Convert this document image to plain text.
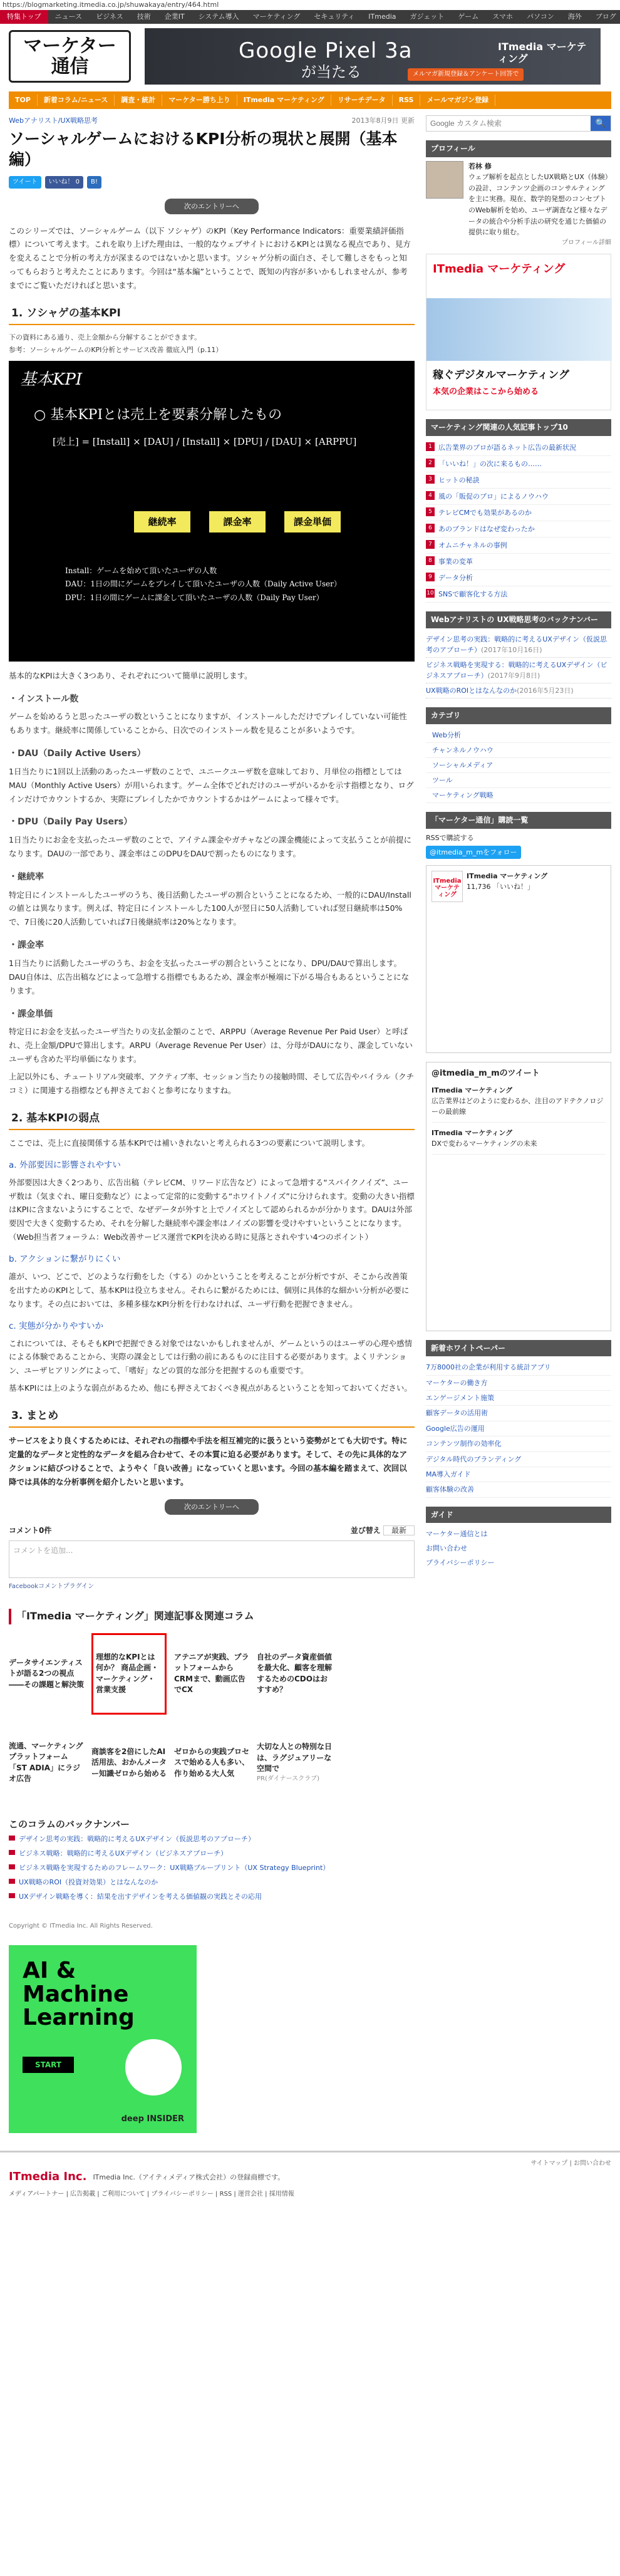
https://blogmarketing.itmedia.co.jp/shuwakaya/entry/464.html
特集トップ	ニュース	ビジネス	技術	企業IT	システム導入	マーケティング	セキュリティ	ITmedia	ガジェット	ゲーム	スマホ	パソコン	海外	ブログ
マーケター
通信
Google Pixel 3a
が当たる	メルマガ新規登録＆アンケート回答で
ITmedia マーケティング
TOP	新着コラム/ニュース	調査・統計	マーケター勝ち上り	ITmedia マーケティング	リサーチデータ	RSS	メールマガジン登録
Webアナリスト/UX戦略思考	2013年8月9日 更新
ソーシャルゲームにおけるKPI分析の現状と展開（基本編）
ツイート	いいね！ 0	B!
次のエントリーへ

このシリーズでは、ソーシャルゲーム（以下 ソシャゲ）のKPI（Key Performance Indicators：重要業績評価指標）について考えます。これを取り上げた理由は、一般的なウェブサイトにおけるKPIとは異なる視点であり、見方を変えることで分析の考え方が深まるのではないかと思います。ソシャゲ分析の面白さ、そして難しさをもっと知ってもらおうと考えたことにあります。今回は“基本編”ということで、既知の内容が多いかもしれませんが、参考までにご覧いただければと思います。

1. ソシャゲの基本KPI

下の資料にある通り、売上金額から分解することができます。

参考：ソーシャルゲームのKPI分析とサービス改善 徹底入門（p.11）

基本KPI
○ 基本KPIとは売上を要素分解したもの
[売上] = [Install] × [DAU] / [Install] × [DPU] / [DAU] × [ARPPU]
継続率	課金率	課金単価
Install：ゲームを始めて頂いたユーザの人数
DAU：1日の間にゲームをプレイして頂いたユーザの人数（Daily Active User）
DPU：1日の間にゲームに課金して頂いたユーザの人数（Daily Pay User）

基本的なKPIは大きく3つあり、それぞれについて簡単に説明します。

・インストール数

ゲームを始めるうと思ったユーザの数ということになりますが、インストールしただけでプレイしていない可能性もあります。継続率に関係していることから、日次でのインストール数を見ることが多いようです。

・DAU（Daily Active Users）

1日当たりに1回以上活動のあったユーザ数のことで、ユニークユーザ数を意味しており、月単位の指標としてはMAU（Monthly Active Users）が用いられます。ゲーム全体でどれだけのユーザがいるかを示す指標となり、ログインだけでカウントするか、実際にプレイしたかでカウントするかはゲームによって様々です。

・DPU（Daily Pay Users）

1日当たりにお金を支払ったユーザ数のことで、アイテム課金やガチャなどの課金機能によって支払うことが前提になります。DAUの一部であり、課金率はこのDPUをDAUで割ったものになります。

・継続率

特定日にインストールしたユーザのうち、後日活動したユーザの割合ということになるため、一般的にDAU/Installの値とは異なります。例えば、特定日にインストールした100人が翌日に50人活動していれば翌日継続率は50%で、7日後に20人活動していれば7日後継続率は20%となります。

・課金率

1日当たりに活動したユーザのうち、お金を支払ったユーザの割合ということになり、DPU/DAUで算出します。DAU自体は、広告出稿などによって急増する指標でもあるため、課金率が極端に下がる場合もあるということになります。

・課金単価

特定日にお金を支払ったユーザ当たりの支払金額のことで、ARPPU（Average Revenue Per Paid User）と呼ばれ、売上金額/DPUで算出します。ARPU（Average Revenue Per User）は、分母がDAUになり、課金していないユーザも含めた平均単価になります。

上記以外にも、チュートリアル突破率、アクティブ率、セッション当たりの接触時間、そして広告やバイラル（クチコミ）に関連する指標なども押さえておくと参考になりますね。

2. 基本KPIの弱点

ここでは、売上に直接関係する基本KPIでは補いきれないと考えられる3つの要素について説明します。

a. 外部要因に影響されやすい

外部要因は大きく2つあり、広告出稿（テレビCM、リワード広告など）によって急増する“スパイクノイズ”、ユーザ数は（気まぐれ、曜日変動など）によって定常的に変動する“ホワイトノイズ”に分けられます。変動の大きい指標はKPIに含まないようにすることで、なぜデータが外すと上でノイズとして認められるかが分かります。DAUは外部要因で大きく変動するため、それを分解した継続率や課金率はノイズの影響を受けやすいということになります。（Web担当者フォーラム：Web改善サービス運営でKPIを決める時に見落とされやすい4つのポイント）

b. アクションに繋がりにくい

誰が、いつ、どこで、どのような行動をした（する）のかということを考えることが分析ですが、そこから改善策を出すためのKPIとして、基本KPIは役立ちません。それらに繋がるためには、個別に具体的な細かい分析が必要になります。その点においては、多種多様なKPI分析を行わなければ、ユーザ行動を把握できません。

c. 実態が分かりやすいか

これについては、そもそもKPIで把握できる対象ではないかもしれませんが、ゲームというのはユーザの心理や感情による体験であることから、実際の課金としては行動の前にあるものに注目する必要があります。よくリテンション、ユーザヒアリングによって、「嗜好」などの質的な部分を把握するのも重要です。

基本KPIには上のような弱点があるため、他にも押さえておくべき視点があるということを知っておいてください。

3. まとめ

サービスをより良くするためには、それぞれの指標や手法を相互補完的に扱うという姿勢がとても大切です。特に定量的なデータと定性的なデータを組み合わせて、その本質に迫る必要があります。そして、その先に具体的なアクションに結びつけることで、ようやく「良い改善」になっていくと思います。今回の基本編を踏まえて、次回以降では具体的な分析事例を紹介したいと思います。

次のエントリーへ
コメント0件	並び替え 最新
コメントを追加...
Facebookコメントプラグイン
「ITmedia マーケティング」関連記事＆関連コラム
データサイエンティストが語る2つの視点――その課題と解決策
理想的なKPIとは何か？ 商品企画・マーケティング・営業支援
アテニアが実践、プラットフォームからCRMまで、動画広告でCX
自社のデータ資産価値を最大化、顧客を理解するためのCDOはおすすめ？
流通、マーケティング　プラットフォーム「ST ADIA」にラジオ広告
商談客を2倍にしたAI活用法、おかんメーター知識ゼロから始める
ゼロからの実践プロセスで始める人も多い、作り始める大人気
大切な人との特別な日は、ラグジュアリーな空間で
PR(ダイナースクラブ)
このコラムのバックナンバー
デザイン思考の実践：戦略的に考えるUXデザイン（仮説思考のアプローチ）
ビジネス戦略：戦略的に考えるUXデザイン（ビジネスアプローチ）
ビジネス戦略を実現するためのフレームワーク：UX戦略ブループリント（UX Strategy Blueprint）
UX戦略のROI（投資対効果）とはなんなのか
UXデザイン戦略を導く：結果を出すデザインを考える価値観の実践とその応用
Copyright © ITmedia Inc. All Rights Reserved.
AI &
Machine
Learning
START
deep INSIDER
Google カスタム検索
🔍
プロフィール
若林 修
ウェブ解析を起点としたUX戦略とUX（体験）の設計、コンテンツ企画のコンサルティングを主に実務。現在、数学的発想のコンセプトのWeb解析を始め、ユーザ調査など様々なデータの統合や分析手法の研究を通じた価値の提供に取り組む。
プロフィール詳細
ITmedia マーケティング
稼ぐデジタルマーケティング
本気の企業はここから始める
マーケティング関連の人気記事トップ10
1 広告業界のプロが語るネット広告の最新状況
2 「いいね！」の次に来るもの……
3 ヒットの秘訣
4 風の「販促のプロ」によるノウハウ
5 テレビCMでも効果があるのか
6 あのブランドはなぜ変わったか
7 オムニチャネルの事例
8 事業の変革
9 データ分析
10 SNSで顧客化する方法
Webアナリストの UX戦略思考のバックナンバー
デザイン思考の実践：戦略的に考えるUXデザイン（仮説思考のアプローチ）(2017年10月16日)
ビジネス戦略を実現する：戦略的に考えるUXデザイン（ビジネスアプローチ）(2017年9月8日)
UX戦略のROIとはなんなのか(2016年5月23日)
カテゴリ
Web分析
チャンネルノウハウ
ソーシャルメディア
ツール
マーケティング戦略
「マーケター通信」購読一覧
RSSで購読する
@itmedia_m_mをフォロー
ITmedia マーケティング
ITmedia マーケティング
11,736 「いいね！」
@itmedia_m_mのツイート
ITmedia マーケティング
広告業界はどのように変わるか、注目のアドテクノロジーの最前線
ITmedia マーケティング
DXで変わるマーケティングの未来
新着ホワイトペーパー
7万8000社の企業が利用する統計アプリ
マーケターの働き方
エンゲージメント施策
顧客データの活用術
Google広告の運用
コンテンツ制作の効率化
デジタル時代のブランディング
MA導入ガイド
顧客体験の改善
ガイド
マーケター通信とは
お問い合わせ
プライバシーポリシー
サイトマップ | お問い合わせ
ITmedia Inc. ITmedia Inc.（アイティメディア株式会社）の登録商標です。
メディアパートナー | 広告掲載 | ご利用について | プライバシーポリシー | RSS | 運営会社 | 採用情報
